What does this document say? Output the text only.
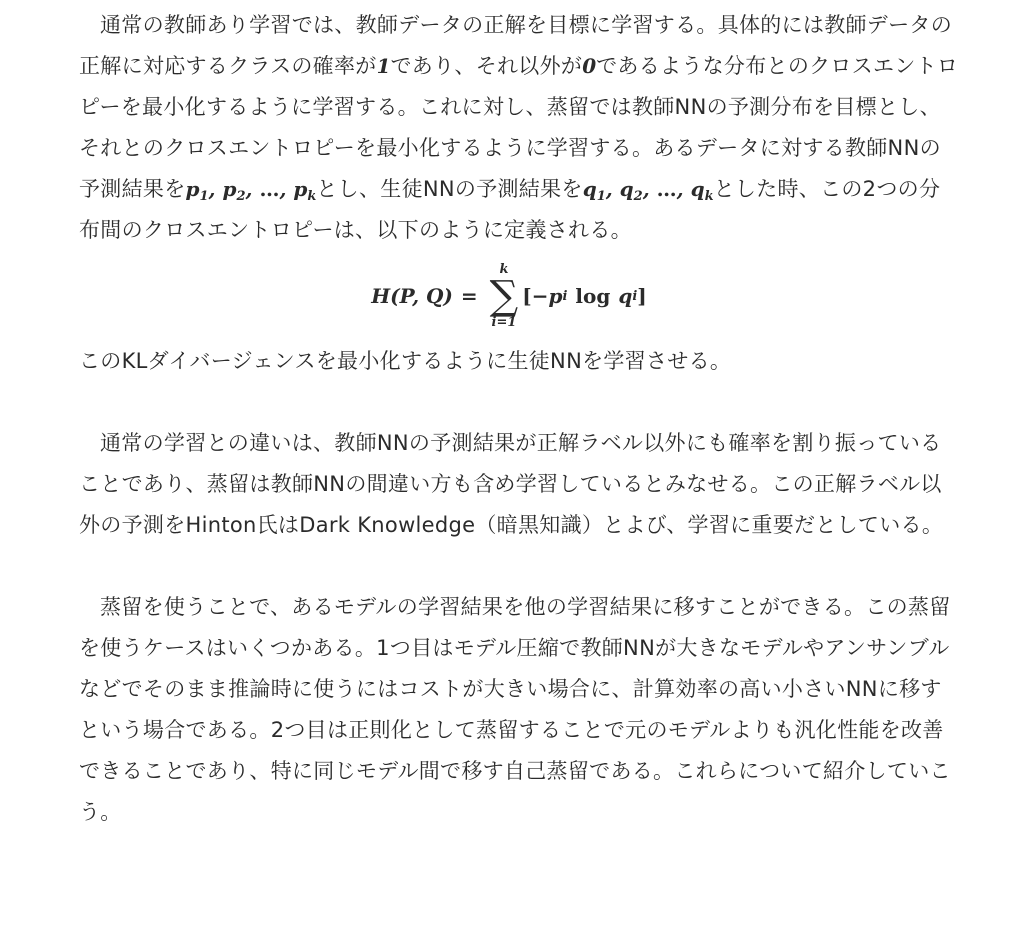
通常の教師あり学習では、教師データの正解を目標に学習する。具体的には教師データの正解に対応するクラスの確率が1であり、それ以外が0であるような分布とのクロスエントロピーを最小化するように学習する。これに対し、蒸留では教師NNの予測分布を目標とし、それとのクロスエントロピーを最小化するように学習する。あるデータに対する教師NNの予測結果を$p_1$, $p_2$, …, $p_k$とし、生徒NNの予測結果を$q_1$, $q_2$, …, $q_k$とした時、この2つの分布間のクロスエントロピーは、以下のように定義される。

H(P, Q) =
k
∑
i=1
[− p i log q i ]

このKLダイバージェンスを最小化するように生徒NNを学習させる。

通常の学習との違いは、教師NNの予測結果が正解ラベル以外にも確率を割り振っていることであり、蒸留は教師NNの間違い方も含め学習しているとみなせる。この正解ラベル以外の予測をHinton氏はDark Knowledge（暗黒知識）とよび、学習に重要だとしている。

蒸留を使うことで、あるモデルの学習結果を他の学習結果に移すことができる。この蒸留を使うケースはいくつかある。1つ目はモデル圧縮で教師NNが大きなモデルやアンサンブルなどでそのまま推論時に使うにはコストが大きい場合に、計算効率の高い小さいNNに移すという場合である。2つ目は正則化として蒸留することで元のモデルよりも汎化性能を改善できることであり、特に同じモデル間で移す自己蒸留である。これらについて紹介していこう。
